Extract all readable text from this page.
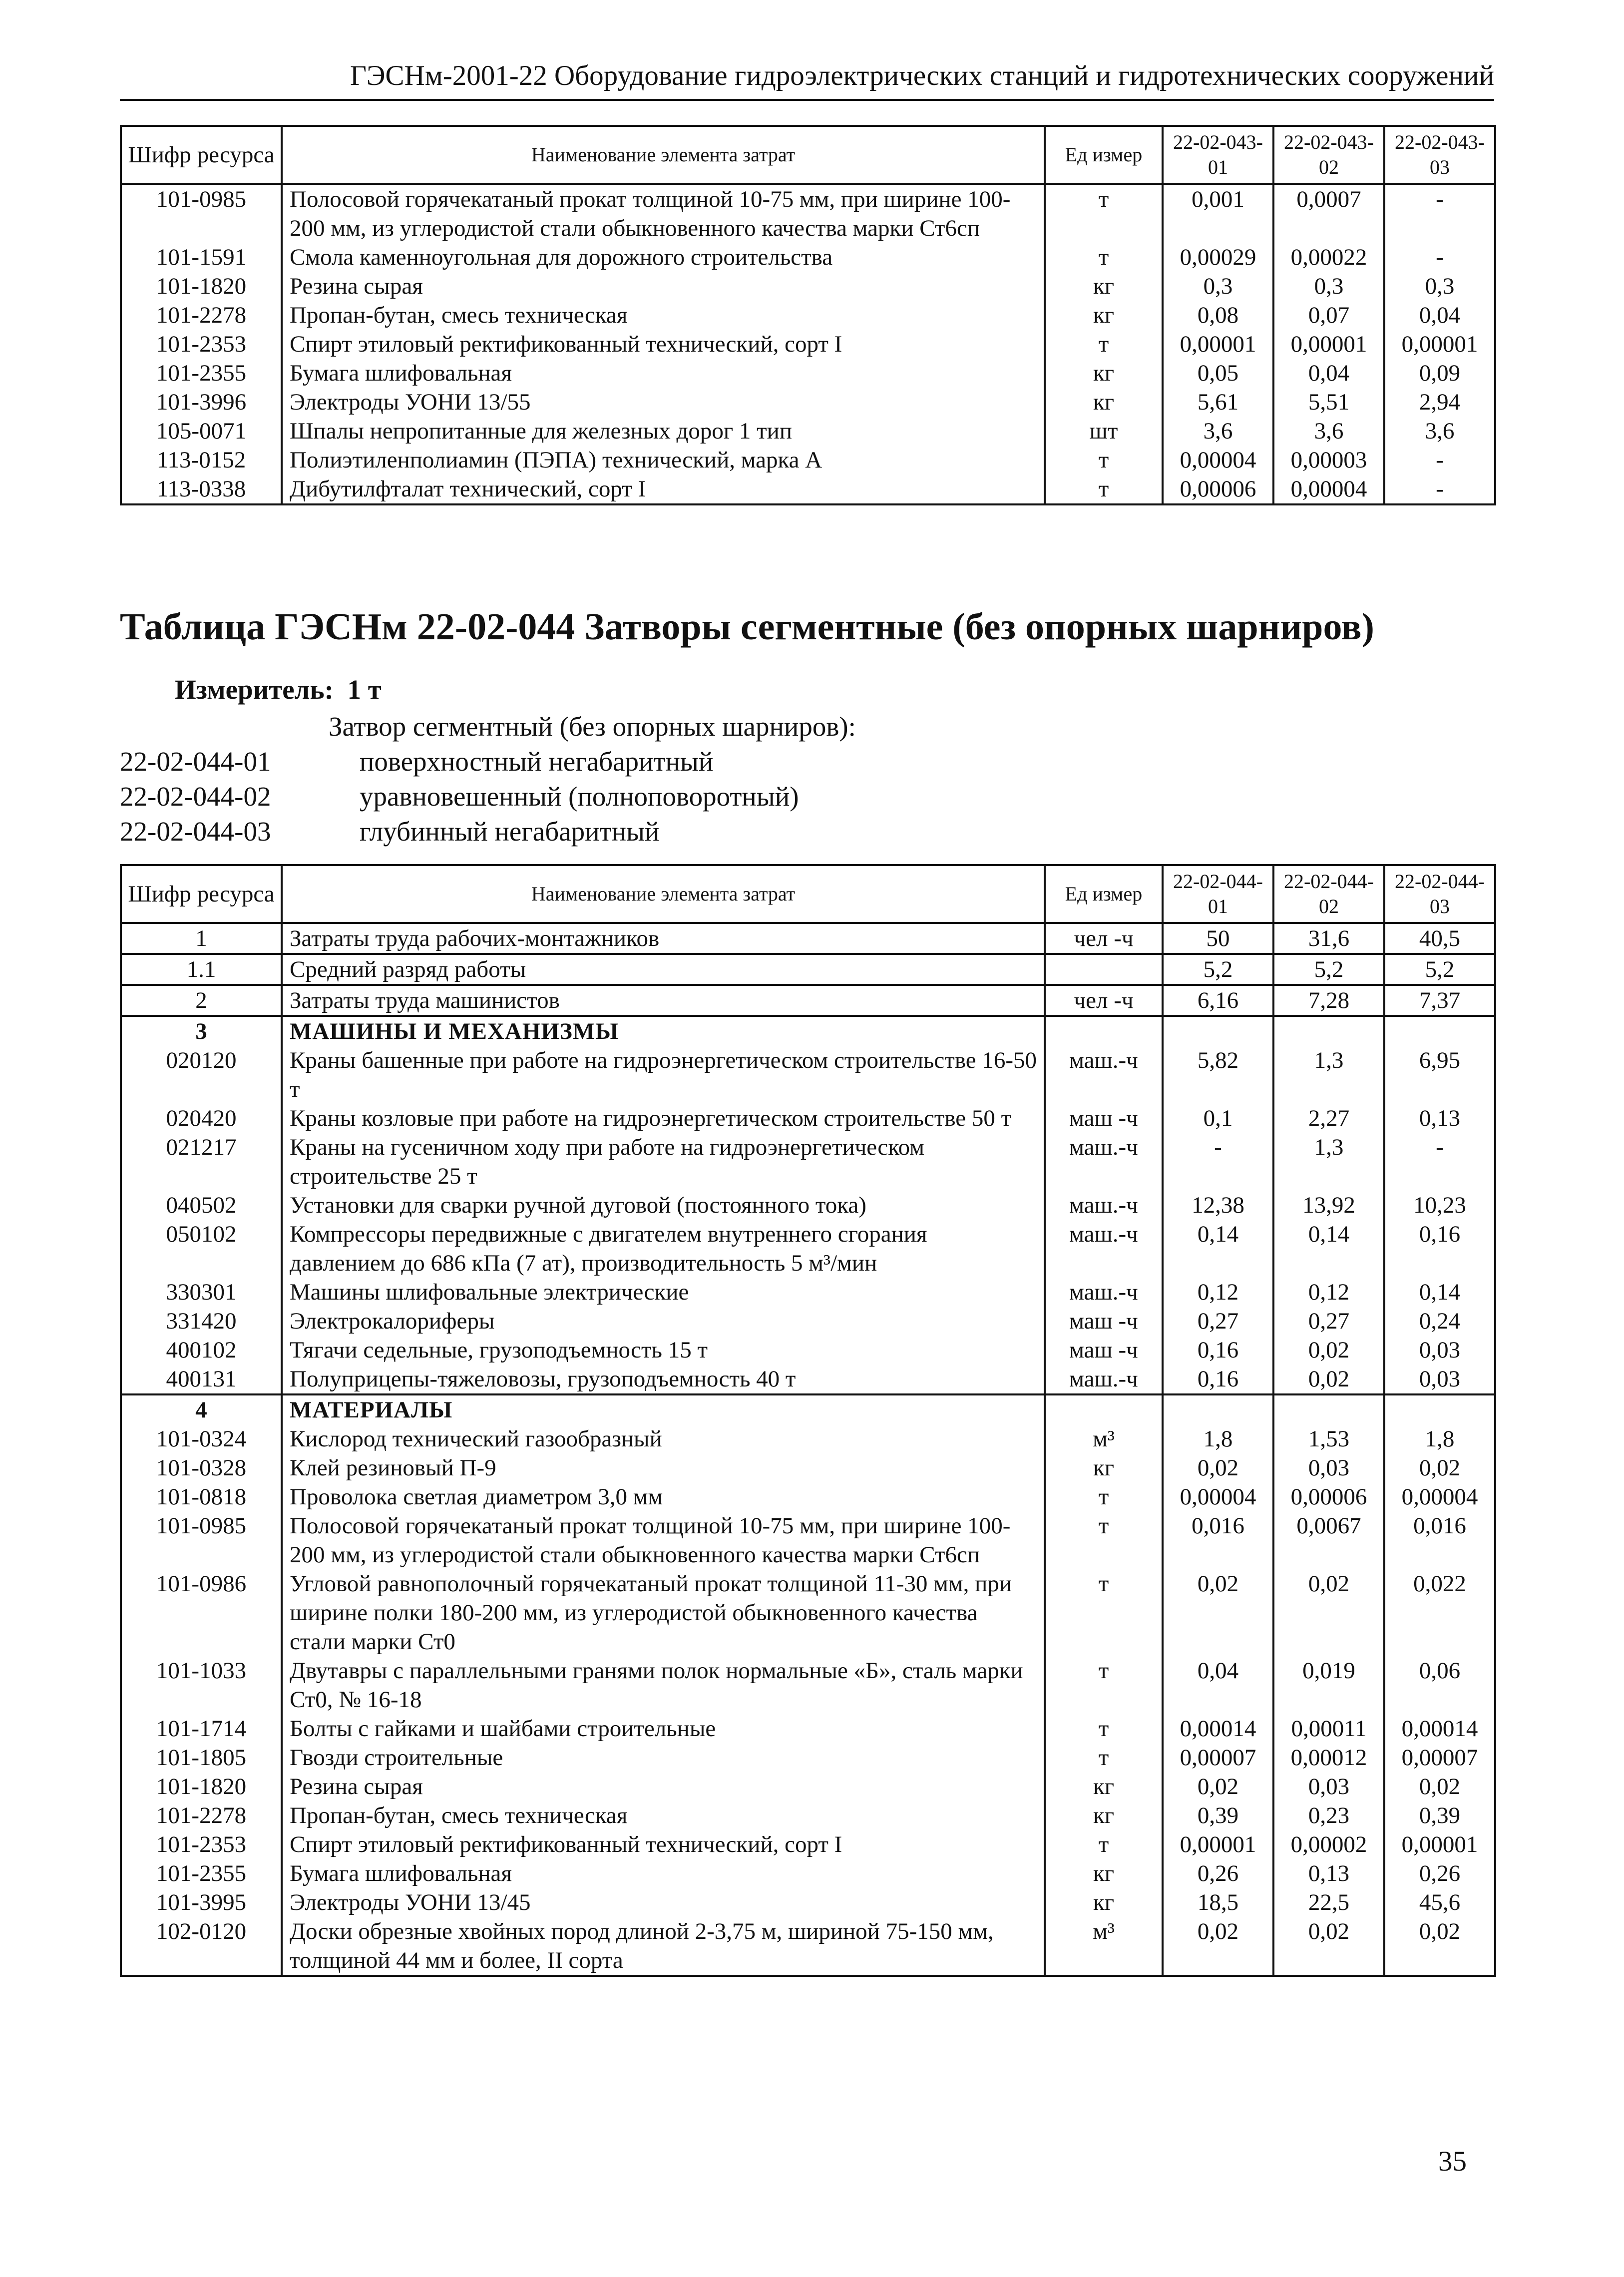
ГЭСНм-2001-22 Оборудование гидроэлектрических станций и гидротехнических сооружений
Шифр ресурса	Наименование элемента затрат	Ед измер	22-02-043-01	22-02-043-02	22-02-043-03
101-0985	Полосовой горячекатаный прокат толщиной 10-75 мм, при ширине 100-200 мм, из углеродистой стали обыкновенного качества марки Ст6сп	т	0,001	0,0007	-
101-1591	Смола каменноугольная для дорожного строительства	т	0,00029	0,00022	-
101-1820	Резина сырая	кг	0,3	0,3	0,3
101-2278	Пропан-бутан, смесь техническая	кг	0,08	0,07	0,04
101-2353	Спирт этиловый ректификованный технический, сорт I	т	0,00001	0,00001	0,00001
101-2355	Бумага шлифовальная	кг	0,05	0,04	0,09
101-3996	Электроды УОНИ 13/55	кг	5,61	5,51	2,94
105-0071	Шпалы непропитанные для железных дорог 1 тип	шт	3,6	3,6	3,6
113-0152	Полиэтиленполиамин (ПЭПА) технический, марка А	т	0,00004	0,00003	-
113-0338	Дибутилфталат технический, сорт I	т	0,00006	0,00004	-
Таблица ГЭСНм 22-02-044 Затворы сегментные (без опорных шарниров)
Измеритель: 1 т
Затвор сегментный (без опорных шарниров):
22-02-044-01	поверхностный негабаритный
22-02-044-02	уравновешенный (полноповоротный)
22-02-044-03	глубинный негабаритный
Шифр ресурса	Наименование элемента затрат	Ед измер	22-02-044-01	22-02-044-02	22-02-044-03
1	Затраты труда рабочих-монтажников	чел -ч	50	31,6	40,5
1.1	Средний разряд работы		5,2	5,2	5,2
2	Затраты труда машинистов	чел -ч	6,16	7,28	7,37
3	МАШИНЫ И МЕХАНИЗМЫ				
020120	Краны башенные при работе на гидроэнергетическом строительстве 16-50 т	маш.-ч	5,82	1,3	6,95
020420	Краны козловые при работе на гидроэнергетическом строительстве 50 т	маш -ч	0,1	2,27	0,13
021217	Краны на гусеничном ходу при работе на гидроэнергетическом строительстве 25 т	маш.-ч	-	1,3	-
040502	Установки для сварки ручной дуговой (постоянного тока)	маш.-ч	12,38	13,92	10,23
050102	Компрессоры передвижные с двигателем внутреннего сгорания давлением до 686 кПа (7 ат), производительность 5 м³/мин	маш.-ч	0,14	0,14	0,16
330301	Машины шлифовальные электрические	маш.-ч	0,12	0,12	0,14
331420	Электрокалориферы	маш -ч	0,27	0,27	0,24
400102	Тягачи седельные, грузоподъемность 15 т	маш -ч	0,16	0,02	0,03
400131	Полуприцепы-тяжеловозы, грузоподъемность 40 т	маш.-ч	0,16	0,02	0,03
4	МАТЕРИАЛЫ				
101-0324	Кислород технический газообразный	м³	1,8	1,53	1,8
101-0328	Клей резиновый П-9	кг	0,02	0,03	0,02
101-0818	Проволока светлая диаметром 3,0 мм	т	0,00004	0,00006	0,00004
101-0985	Полосовой горячекатаный прокат толщиной 10-75 мм, при ширине 100-200 мм, из углеродистой стали обыкновенного качества марки Ст6сп	т	0,016	0,0067	0,016
101-0986	Угловой равнополочный горячекатаный прокат толщиной 11-30 мм, при ширине полки 180-200 мм, из углеродистой обыкновенного качества стали марки Ст0	т	0,02	0,02	0,022
101-1033	Двутавры с параллельными гранями полок нормальные «Б», сталь марки Ст0, № 16-18	т	0,04	0,019	0,06
101-1714	Болты с гайками и шайбами строительные	т	0,00014	0,00011	0,00014
101-1805	Гвозди строительные	т	0,00007	0,00012	0,00007
101-1820	Резина сырая	кг	0,02	0,03	0,02
101-2278	Пропан-бутан, смесь техническая	кг	0,39	0,23	0,39
101-2353	Спирт этиловый ректификованный технический, сорт I	т	0,00001	0,00002	0,00001
101-2355	Бумага шлифовальная	кг	0,26	0,13	0,26
101-3995	Электроды УОНИ 13/45	кг	18,5	22,5	45,6
102-0120	Доски обрезные хвойных пород длиной 2-3,75 м, шириной 75-150 мм, толщиной 44 мм и более, II сорта	м³	0,02	0,02	0,02
35
